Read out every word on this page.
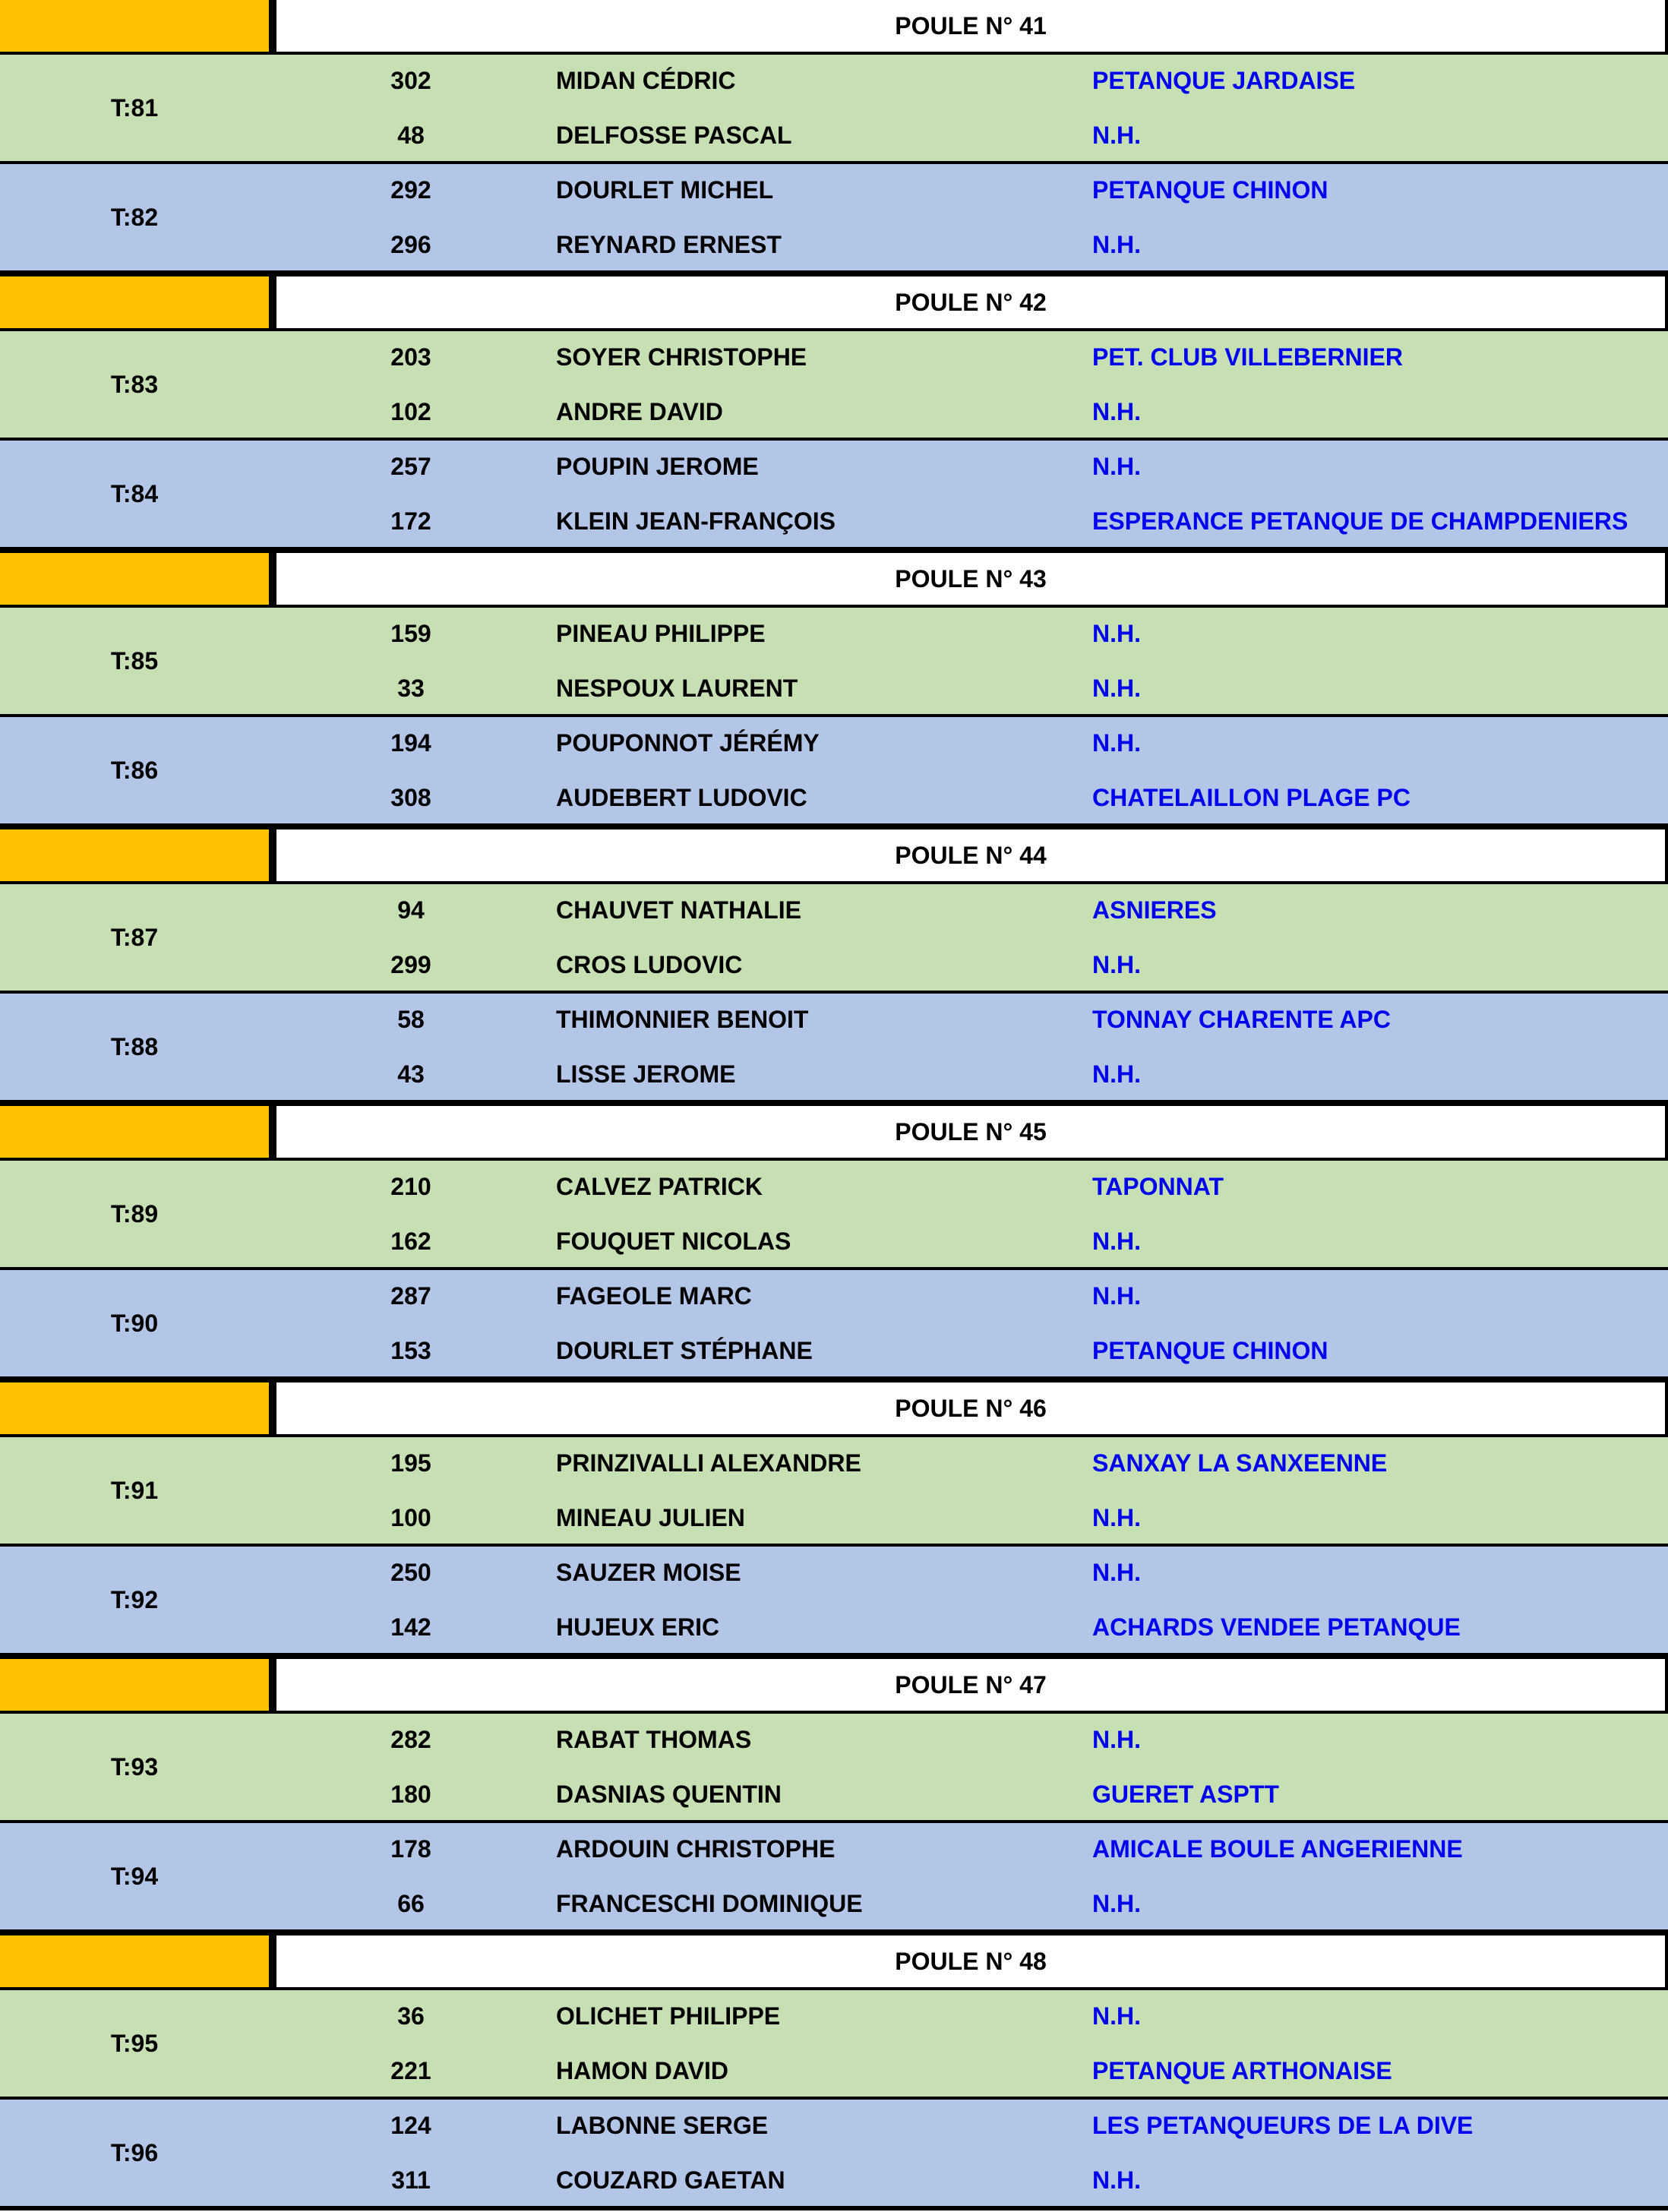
POULE N° 41
T:81
302	MIDAN CÉDRIC	PETANQUE JARDAISE
48	DELFOSSE PASCAL	N.H.
T:82
292	DOURLET MICHEL	PETANQUE CHINON
296	REYNARD ERNEST	N.H.
POULE N° 42
T:83
203	SOYER CHRISTOPHE	PET. CLUB VILLEBERNIER
102	ANDRE DAVID	N.H.
T:84
257	POUPIN JEROME	N.H.
172	KLEIN JEAN-FRANÇOIS	ESPERANCE PETANQUE DE CHAMPDENIERS
POULE N° 43
T:85
159	PINEAU PHILIPPE	N.H.
33	NESPOUX LAURENT	N.H.
T:86
194	POUPONNOT JÉRÉMY	N.H.
308	AUDEBERT LUDOVIC	CHATELAILLON PLAGE PC
POULE N° 44
T:87
94	CHAUVET NATHALIE	ASNIERES
299	CROS LUDOVIC	N.H.
T:88
58	THIMONNIER BENOIT	TONNAY CHARENTE APC
43	LISSE JEROME	N.H.
POULE N° 45
T:89
210	CALVEZ PATRICK	TAPONNAT
162	FOUQUET NICOLAS	N.H.
T:90
287	FAGEOLE MARC	N.H.
153	DOURLET STÉPHANE	PETANQUE CHINON
POULE N° 46
T:91
195	PRINZIVALLI ALEXANDRE	SANXAY LA SANXEENNE
100	MINEAU JULIEN	N.H.
T:92
250	SAUZER MOISE	N.H.
142	HUJEUX ERIC	ACHARDS VENDEE PETANQUE
POULE N° 47
T:93
282	RABAT THOMAS	N.H.
180	DASNIAS QUENTIN	GUERET ASPTT
T:94
178	ARDOUIN CHRISTOPHE	AMICALE BOULE ANGERIENNE
66	FRANCESCHI DOMINIQUE	N.H.
POULE N° 48
T:95
36	OLICHET PHILIPPE	N.H.
221	HAMON DAVID	PETANQUE ARTHONAISE
T:96
124	LABONNE SERGE	LES PETANQUEURS DE LA DIVE
311	COUZARD GAETAN	N.H.
